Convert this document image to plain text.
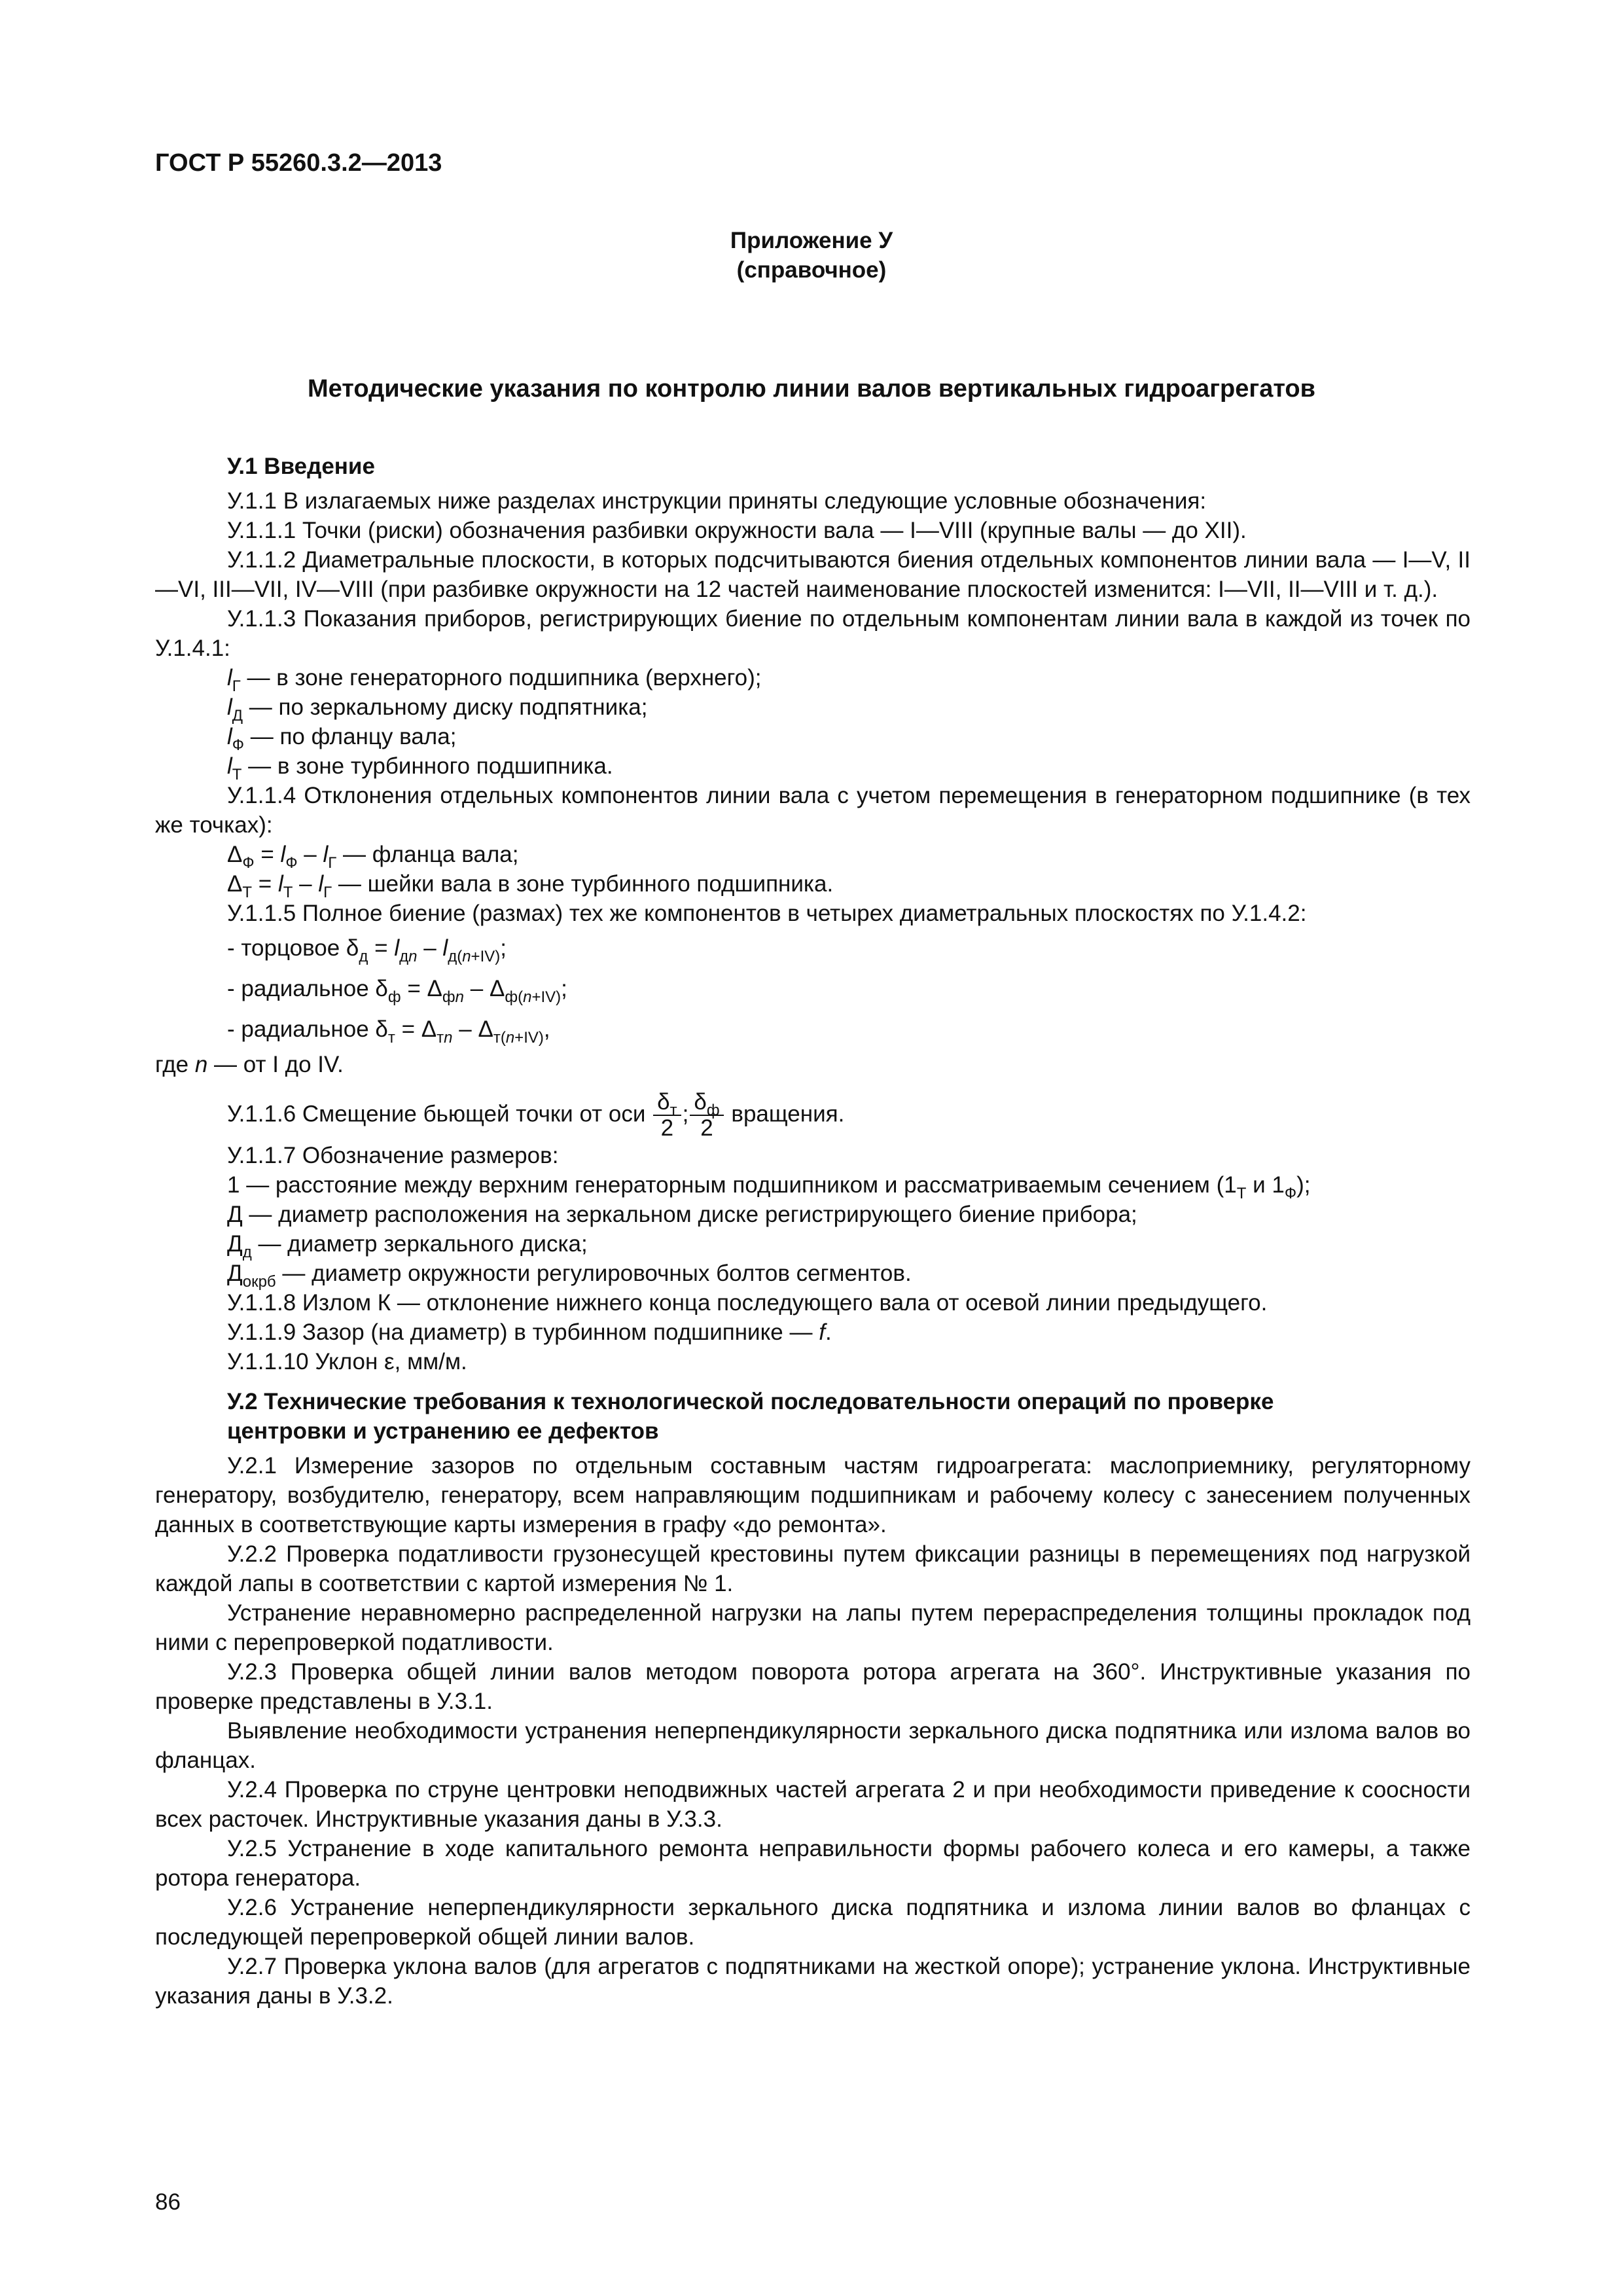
ГОСТ Р 55260.3.2—2013
Приложение У
(справочное)
Методические указания по контролю линии валов вертикальных гидроагрегатов

У.1 Введение

У.1.1 В излагаемых ниже разделах инструкции приняты следующие условные обозначения:

У.1.1.1 Точки (риски) обозначения разбивки окружности вала — I—VIII (крупные валы — до XII).

У.1.1.2 Диаметральные плоскости, в которых подсчитываются биения отдельных компонентов линии вала — I—V, II—VI, III—VII, IV—VIII (при разбивке окружности на 12 частей наименование плоскостей изменится: I—VII, II—VIII и т. д.).

У.1.1.3 Показания приборов, регистрирующих биение по отдельным компонентам линии вала в каждой из точек по У.1.4.1:

$l_Г$ — в зоне генераторного подшипника (верхнего);

$l_Д$ — по зеркальному диску подпятника;

$l_Ф$ — по фланцу вала;

$l_Т$ — в зоне турбинного подшипника.

У.1.1.4 Отклонения отдельных компонентов линии вала с учетом перемещения в генераторном подшипнике (в тех же точках):

$\Delta_Ф = l_Ф - l_Г$ — фланца вала;

$\Delta_Т = l_Т - l_Г$ — шейки вала в зоне турбинного подшипника.

У.1.1.5 Полное биение (размах) тех же компонентов в четырех диаметральных плоскостях по У.1.4.2:

- торцовое $\delta_д = l_{дn} - l_{д(n+IV)}$;

- радиальное $\delta_ф = \Delta_{фn} - \Delta_{ф(n+IV)}$;

- радиальное $\delta_т = \Delta_{тn} - \Delta_{т(n+IV)}$,

где n — от I до IV.

У.1.1.6 Смещение бьющей точки от оси $\frac{\delta_т}{2}$ ; $\frac{\delta_ф}{2}$ вращения.

У.1.1.7 Обозначение размеров:

1 — расстояние между верхним генераторным подшипником и рассматриваемым сечением ($1_Т$ и $1_Ф$);

Д — диаметр расположения на зеркальном диске регистрирующего биение прибора;

$Д_д$ — диаметр зеркального диска;

$Д_{окрб}$ — диаметр окружности регулировочных болтов сегментов.

У.1.1.8 Излом К — отклонение нижнего конца последующего вала от осевой линии предыдущего.

У.1.1.9 Зазор (на диаметр) в турбинном подшипнике — f.

У.1.1.10 Уклон ε, мм/м.

У.2 Технические требования к технологической последовательности операций по проверке

центровки и устранению ее дефектов

У.2.1 Измерение зазоров по отдельным составным частям гидроагрегата: маслоприемнику, регуляторному генератору, возбудителю, генератору, всем направляющим подшипникам и рабочему колесу с занесением полученных данных в соответствующие карты измерения в графу «до ремонта».

У.2.2 Проверка податливости грузонесущей крестовины путем фиксации разницы в перемещениях под нагрузкой каждой лапы в соответствии с картой измерения № 1.

Устранение неравномерно распределенной нагрузки на лапы путем перераспределения толщины прокладок под ними с перепроверкой податливости.

У.2.3 Проверка общей линии валов методом поворота ротора агрегата на 360°. Инструктивные указания по проверке представлены в У.3.1.

Выявление необходимости устранения неперпендикулярности зеркального диска подпятника или излома валов во фланцах.

У.2.4 Проверка по струне центровки неподвижных частей агрегата 2 и при необходимости приведение к соосности всех расточек. Инструктивные указания даны в У.3.3.

У.2.5 Устранение в ходе капитального ремонта неправильности формы рабочего колеса и его камеры, а также ротора генератора.

У.2.6 Устранение неперпендикулярности зеркального диска подпятника и излома линии валов во фланцах с последующей перепроверкой общей линии валов.

У.2.7 Проверка уклона валов (для агрегатов с подпятниками на жесткой опоре); устранение уклона. Инструктивные указания даны в У.3.2.

86
